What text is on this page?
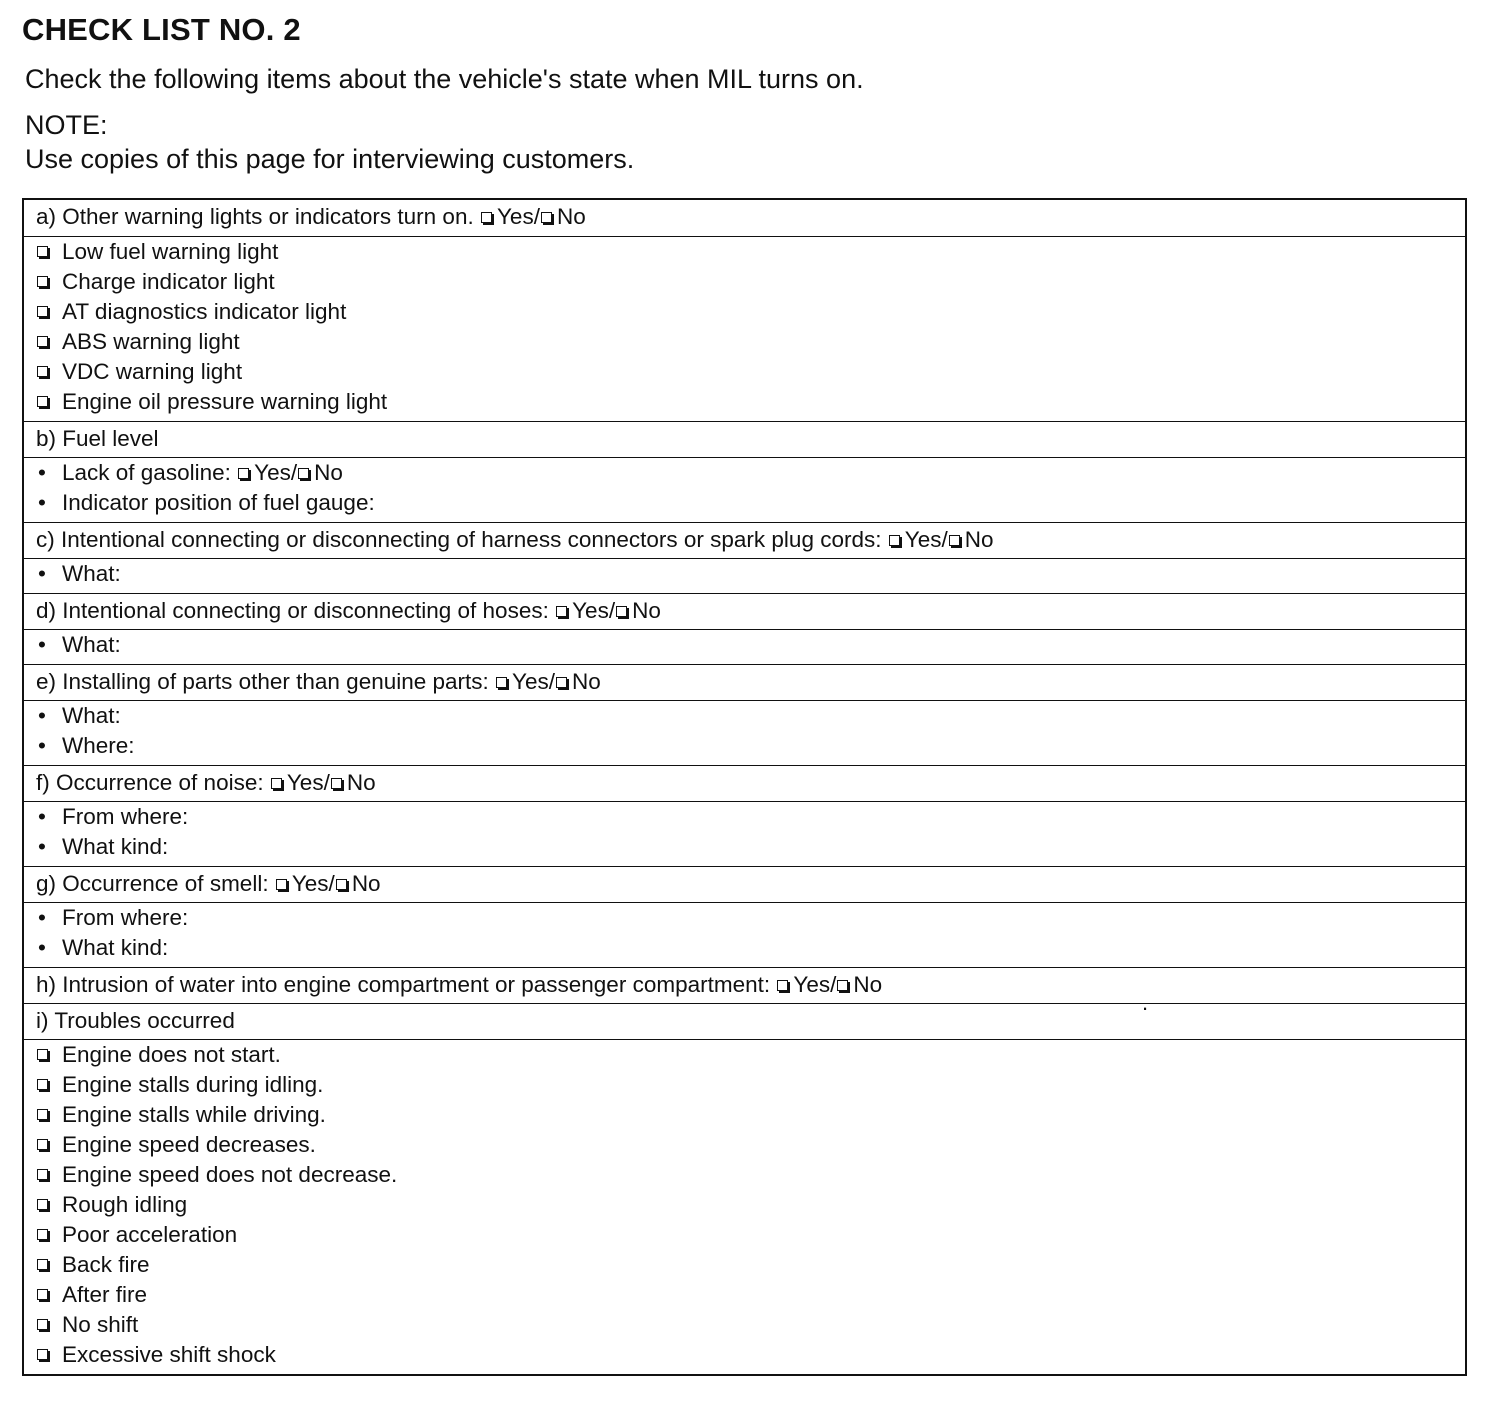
CHECK LIST NO. 2
Check the following items about the vehicle's state when MIL turns on.
NOTE:
Use copies of this page for interviewing customers.
a) Other warning lights or indicators turn on. Yes/ No
Low fuel warning light
Charge indicator light
AT diagnostics indicator light
ABS warning light
VDC warning light
Engine oil pressure warning light
b) Fuel level
• Lack of gasoline: Yes/ No
• Indicator position of fuel gauge:
c) Intentional connecting or disconnecting of harness connectors or spark plug cords: Yes/ No
• What:
d) Intentional connecting or disconnecting of hoses: Yes/ No
• What:
e) Installing of parts other than genuine parts: Yes/ No
• What:
• Where:
f) Occurrence of noise: Yes/ No
• From where:
• What kind:
g) Occurrence of smell: Yes/ No
• From where:
• What kind:
h) Intrusion of water into engine compartment or passenger compartment: Yes/ No
i) Troubles occurred
Engine does not start.
Engine stalls during idling.
Engine stalls while driving.
Engine speed decreases.
Engine speed does not decrease.
Rough idling
Poor acceleration
Back fire
After fire
No shift
Excessive shift shock
.
